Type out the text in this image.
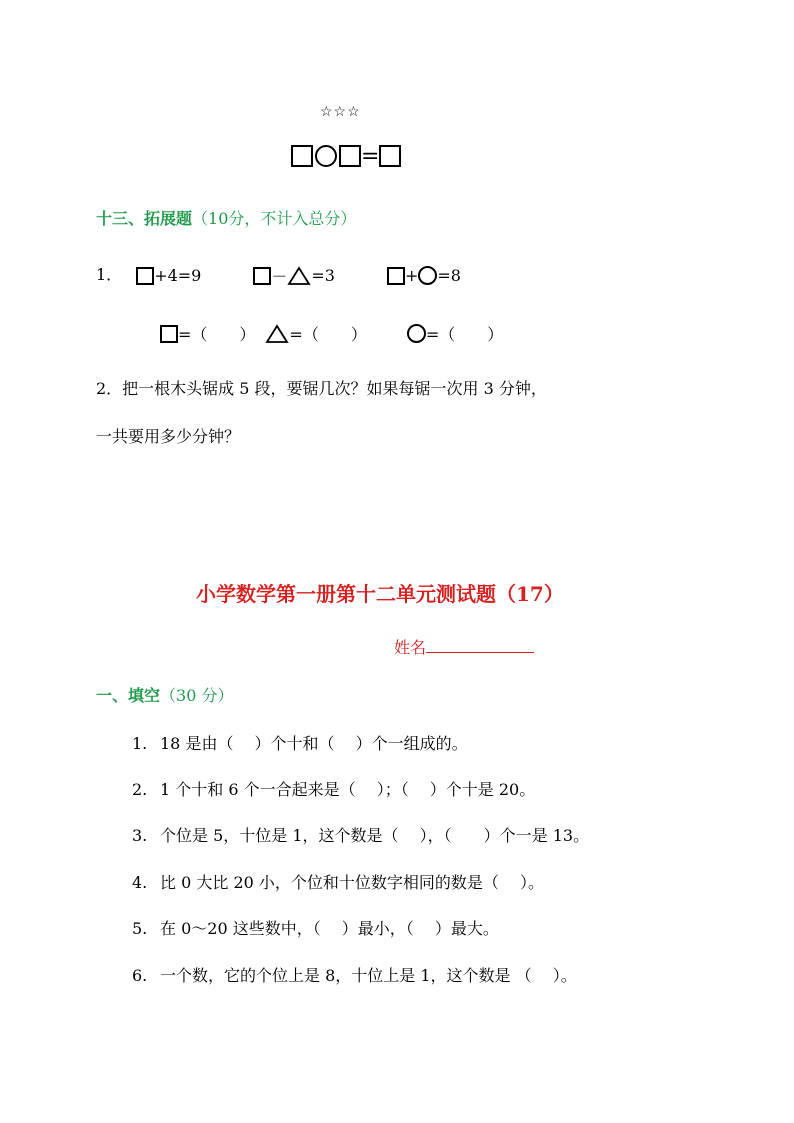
☆☆☆
=
十三、拓展题（10分，不计入总分）
1． +4=9	－ =3	+ =8
=（　　） =（　　）	=（　　）
2．把一根木头锯成 5 段，要锯几次？如果每锯一次用 3 分钟，
一共要用多少分钟？
小学数学第一册第十二单元测试题（17）
姓名
一、填空（30 分）
1. 18 是由（　 ）个十和（　 ）个一组成的。
2. 1 个十和 6 个一合起来是（　 ）；（　 ）个十是 20。
3. 个位是 5，十位是 1，这个数是（　 ），（　　）个一是 13。
4. 比 0 大比 20 小，个位和十位数字相同的数是（　 ）。
5. 在 0～20 这些数中，（　 ）最小，（　 ）最大。
6. 一个数，它的个位上是 8，十位上是 1，这个数是 （　 ）。
